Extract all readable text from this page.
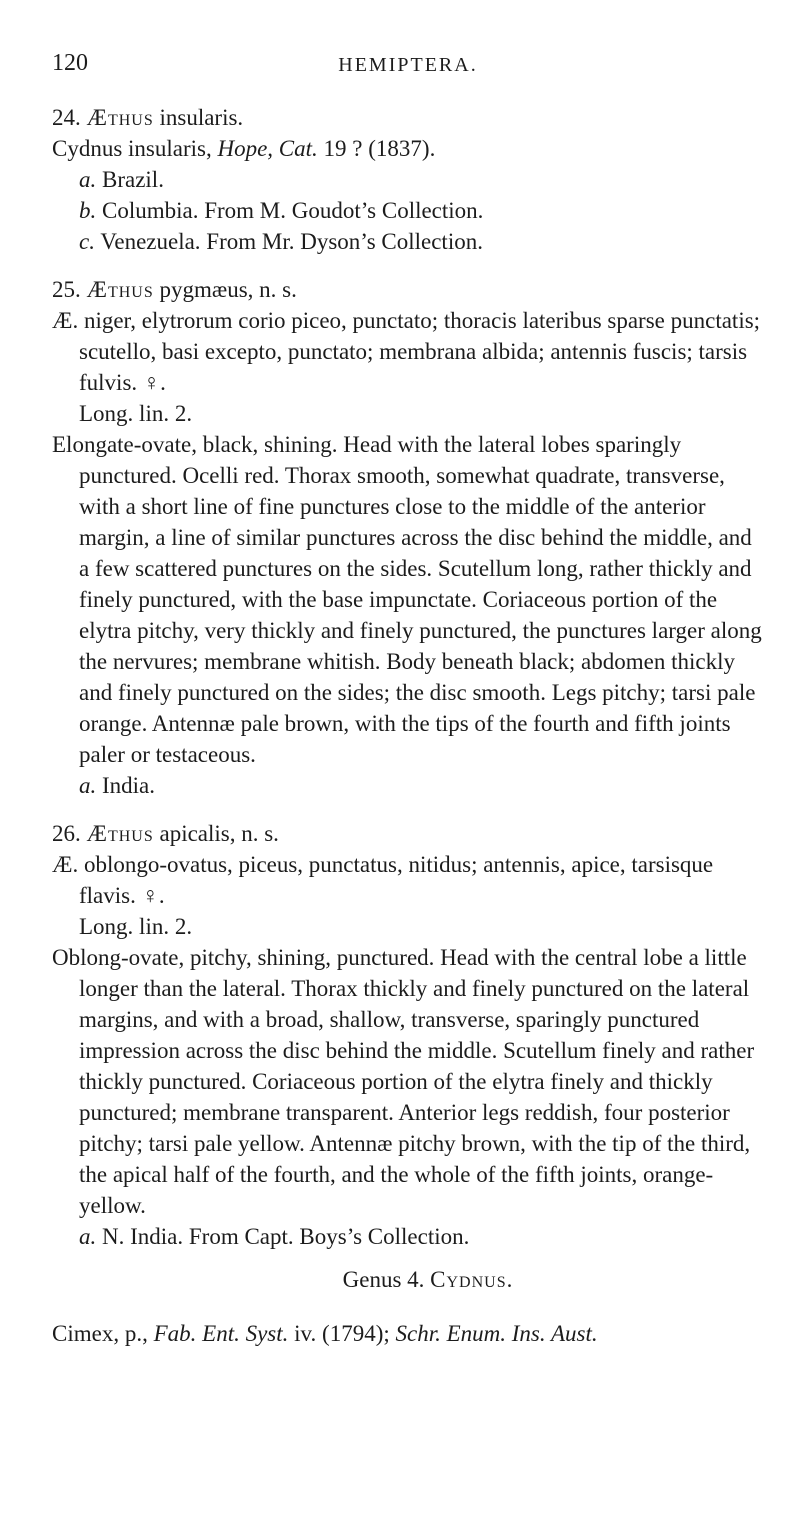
120	HEMIPTERA.

24. Æthus insularis.

Cydnus insularis, Hope, Cat. 19 ? (1837).

a. Brazil.

b. Columbia. From M. Goudot’s Collection.

c. Venezuela. From Mr. Dyson’s Collection.

25. Æthus pygmæus, n. s.

Æ. niger, elytrorum corio piceo, punctato; thoracis lateribus sparse punctatis; scutello, basi excepto, punctato; membrana albida; antennis fuscis; tarsis fulvis. ♀.

Long. lin. 2.

Elongate-ovate, black, shining. Head with the lateral lobes sparingly punctured. Ocelli red. Thorax smooth, somewhat quadrate, transverse, with a short line of fine punctures close to the middle of the anterior margin, a line of similar punctures across the disc behind the middle, and a few scattered punctures on the sides. Scutellum long, rather thickly and finely punctured, with the base impunctate. Coriaceous portion of the elytra pitchy, very thickly and finely punctured, the punctures larger along the nervures; membrane whitish. Body beneath black; abdomen thickly and finely punctured on the sides; the disc smooth. Legs pitchy; tarsi pale orange. Antennæ pale brown, with the tips of the fourth and fifth joints paler or testaceous.

a. India.

26. Æthus apicalis, n. s.

Æ. oblongo-ovatus, piceus, punctatus, nitidus; antennis, apice, tarsisque flavis. ♀.

Long. lin. 2.

Oblong-ovate, pitchy, shining, punctured. Head with the central lobe a little longer than the lateral. Thorax thickly and finely punctured on the lateral margins, and with a broad, shallow, transverse, sparingly punctured impression across the disc behind the middle. Scutellum finely and rather thickly punctured. Coriaceous portion of the elytra finely and thickly punctured; membrane transparent. Anterior legs reddish, four posterior pitchy; tarsi pale yellow. Antennæ pitchy brown, with the tip of the third, the apical half of the fourth, and the whole of the fifth joints, orange-yellow.

a. N. India. From Capt. Boys’s Collection.

Genus 4. Cydnus.

Cimex, p., Fab. Ent. Syst. iv. (1794); Schr. Enum. Ins. Aust.
